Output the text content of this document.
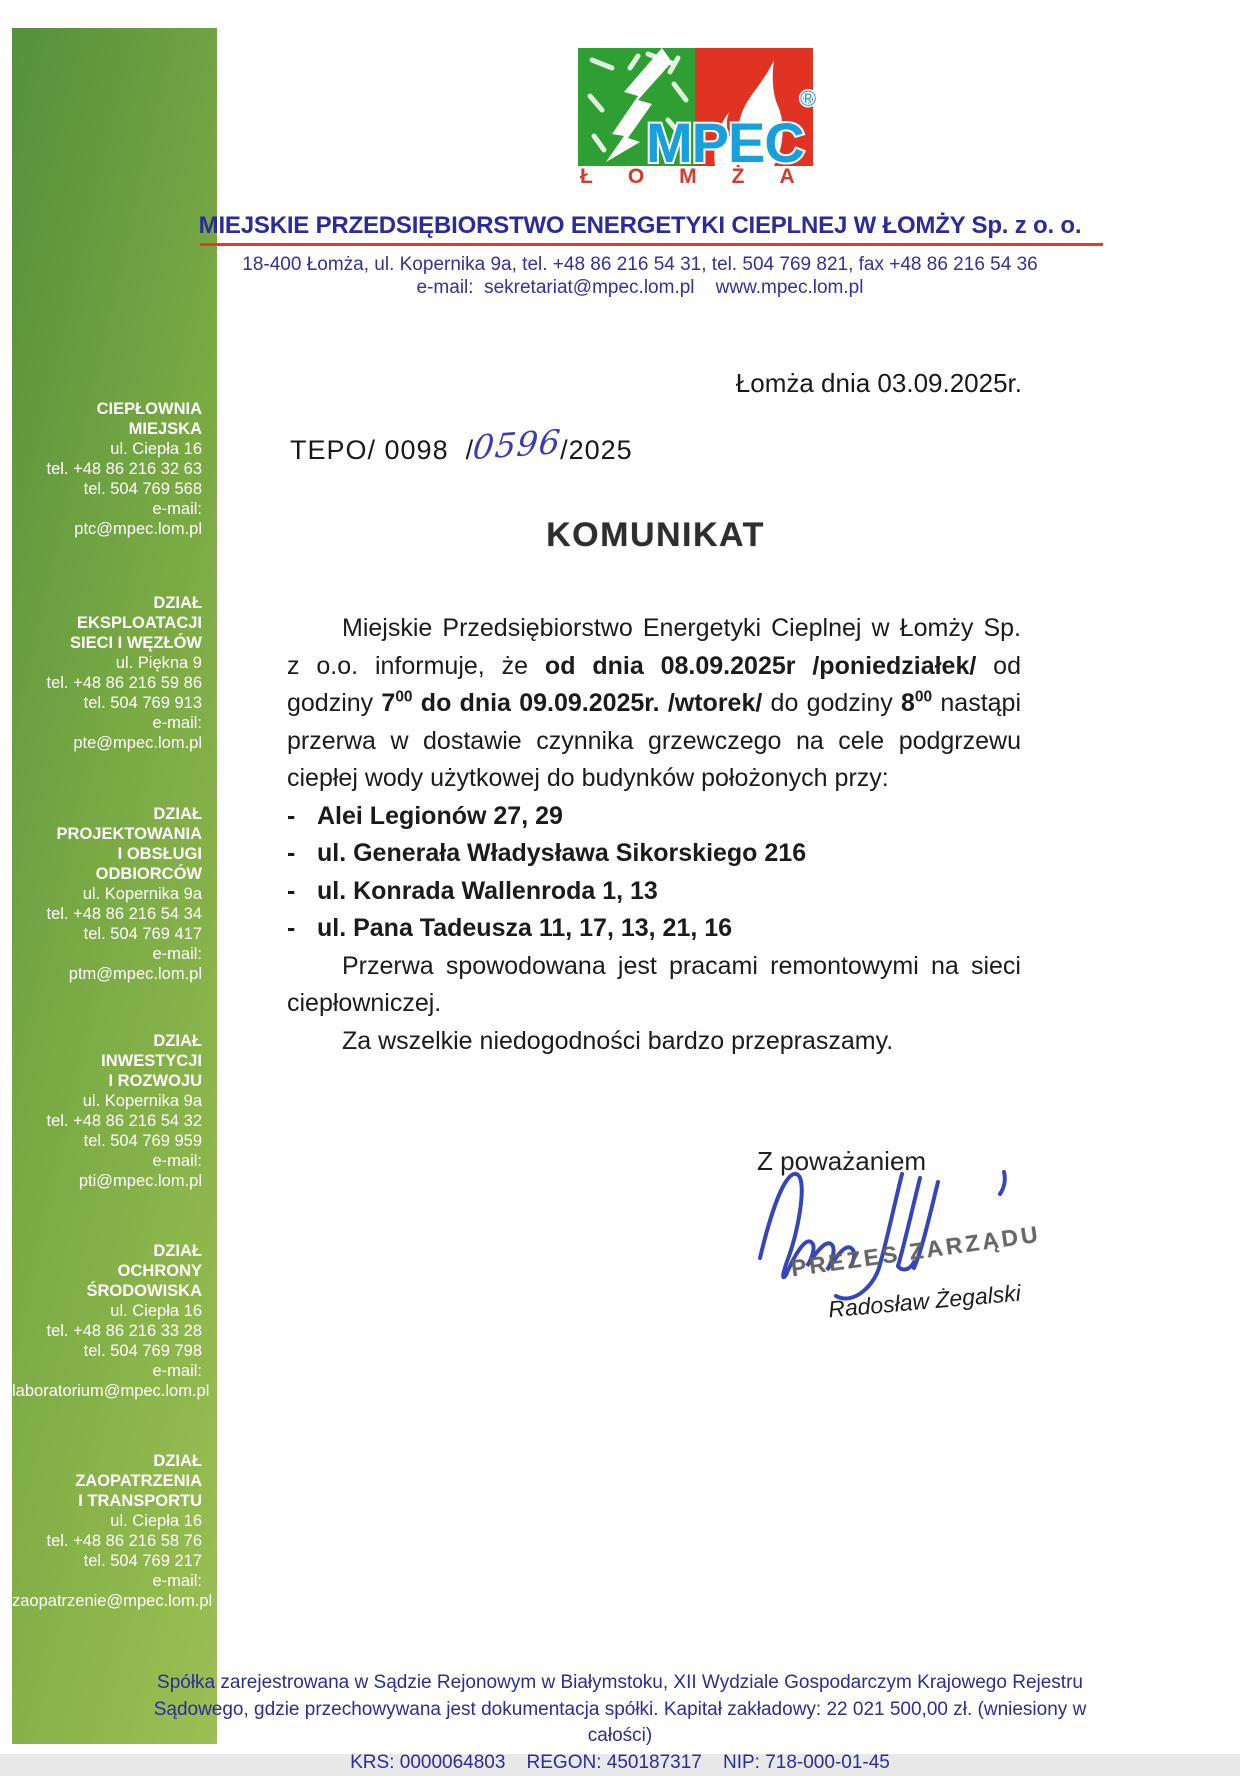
CIEPŁOWNIA
MIEJSKA
ul. Ciepła 16
tel. +48 86 216 32 63
tel. 504 769 568
e-mail:
ptc@mpec.lom.pl
DZIAŁ
EKSPLOATACJI
SIECI I WĘZŁÓW
ul. Piękna 9
tel. +48 86 216 59 86
tel. 504 769 913
e-mail:
pte@mpec.lom.pl
DZIAŁ
PROJEKTOWANIA
I OBSŁUGI
ODBIORCÓW
ul. Kopernika 9a
tel. +48 86 216 54 34
tel. 504 769 417
e-mail:
ptm@mpec.lom.pl
DZIAŁ
INWESTYCJI
I ROZWOJU
ul. Kopernika 9a
tel. +48 86 216 54 32
tel. 504 769 959
e-mail:
pti@mpec.lom.pl
DZIAŁ
OCHRONY
ŚRODOWISKA
ul. Ciepła 16
tel. +48 86 216 33 28
tel. 504 769 798
e-mail:
laboratorium@mpec.lom.pl
DZIAŁ
ZAOPATRZENIA
I TRANSPORTU
ul. Ciepła 16
tel. +48 86 216 58 76
tel. 504 769 217
e-mail:
zaopatrzenie@mpec.lom.pl
MPEC
®
ŁOMŻA
MIEJSKIE PRZEDSIĘBIORSTWO ENERGETYKI CIEPLNEJ W ŁOMŻY Sp. z o. o.
18-400 Łomża, ul. Kopernika 9a, tel. +48 86 216 54 31, tel. 504 769 821, fax +48 86 216 54 36
e-mail:  sekretariat@mpec.lom.pl    www.mpec.lom.pl
Łomża dnia 03.09.2025r.
TEPO/ 0098  /0596/2025
KOMUNIKAT

Miejskie Przedsiębiorstwo Energetyki Cieplnej w Łomży Sp. z o.o. informuje, że od dnia 08.09.2025r /poniedziałek/ od godziny $7^{00}$ do dnia 09.09.2025r. /wtorek/ do godziny $8^{00}$ nastąpi przerwa w dostawie czynnika grzewczego na cele podgrzewu ciepłej wody użytkowej do budynków położonych przy:

- Alei Legionów 27, 29
- ul. Generała Władysława Sikorskiego 216
- ul. Konrada Wallenroda 1, 13
- ul. Pana Tadeusza 11, 17, 13, 21, 16

Przerwa spowodowana jest pracami remontowymi na sieci ciepłowniczej.

Za wszelkie niedogodności bardzo przepraszamy.

Z poważaniem
PREZES ZARZĄDU
Radosław Żegalski
Spółka zarejestrowana w Sądzie Rejonowym w Białymstoku, XII Wydziale Gospodarczym Krajowego Rejestru
Sądowego, gdzie przechowywana jest dokumentacja spółki. Kapitał zakładowy: 22 021 500,00 zł. (wniesiony w całości)
KRS: 0000064803    REGON: 450187317    NIP: 718-000-01-45
